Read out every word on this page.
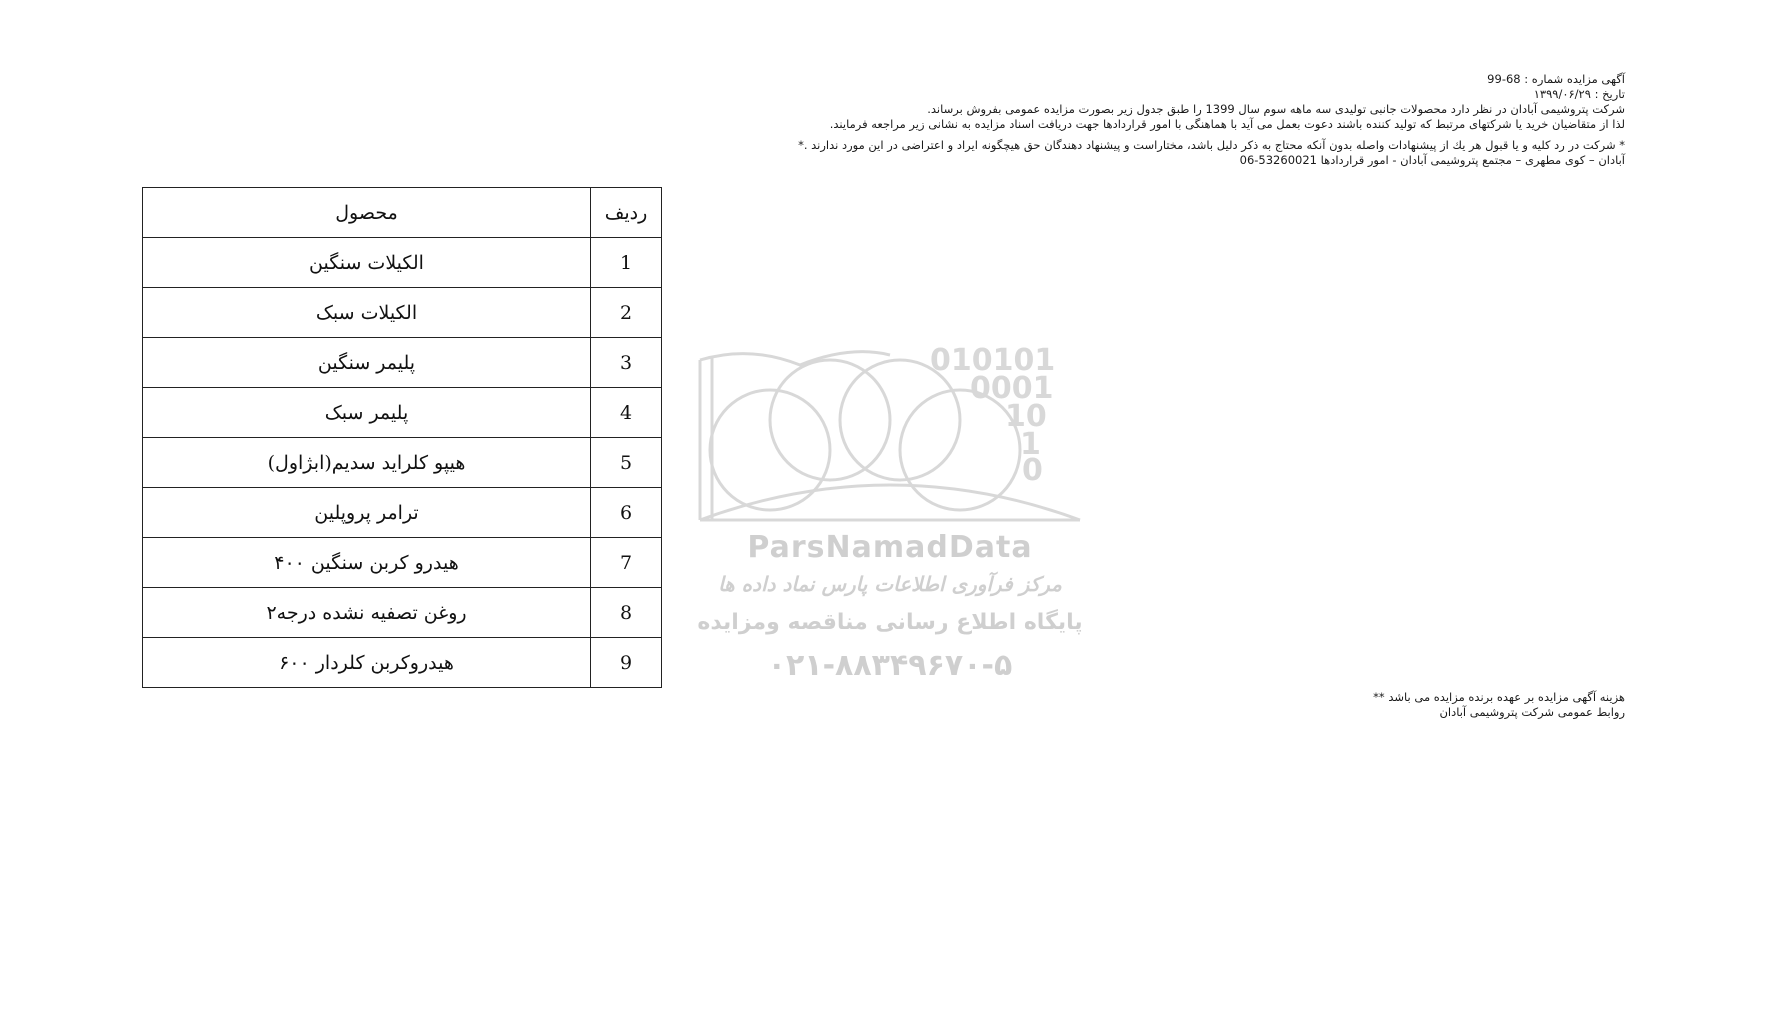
آگهی مزایده شماره : 68-99
تاریخ : ۱۳۹۹/۰۶/۲۹
شرکت پتروشیمی آبادان در نظر دارد محصولات جانبی تولیدی سه ماهه سوم سال 1399 را طبق جدول زیر بصورت مزایده عمومی بفروش برساند.
لذا از متقاضیان خرید یا شرکتهای مرتبط که تولید کننده باشند دعوت بعمل می آید با هماهنگی با امور قراردادها جهت دریافت اسناد مزایده به نشانی زیر مراجعه فرمایند.
* شرکت در رد کلیه و یا قبول هر یك از پیشنهادات واصله بدون آنکه محتاج به ذکر دلیل باشد، مختاراست و پیشنهاد دهندگان حق هیچگونه ایراد و اعتراضی در این مورد ندارند .*
آبادان – کوی مطهری – مجتمع پتروشیمی آبادان - امور قراردادها 53260021-06
ردیف	محصول
1	الکیلات سنگین
2	الکیلات سبک
3	پلیمر سنگین
4	پلیمر سبک
5	هیپو کلراید سدیم(ابژاول)
6	ترامر پروپلین
7	هیدرو کربن سنگین ۴۰۰
8	روغن تصفیه نشده درجه۲
9	هیدروکربن کلردار ۶۰۰
010101
0001
10
1
0
ParsNamadData
مرکز فرآوری اطلاعات پارس نماد داده ها
پایگاه اطلاع رسانی مناقصه ومزایده
۰۲۱-۸۸۳۴۹۶۷۰-۵
هزینه آگهی مزایده بر عهده برنده مزایده می باشد **
روابط عمومی شرکت پتروشیمی آبادان
